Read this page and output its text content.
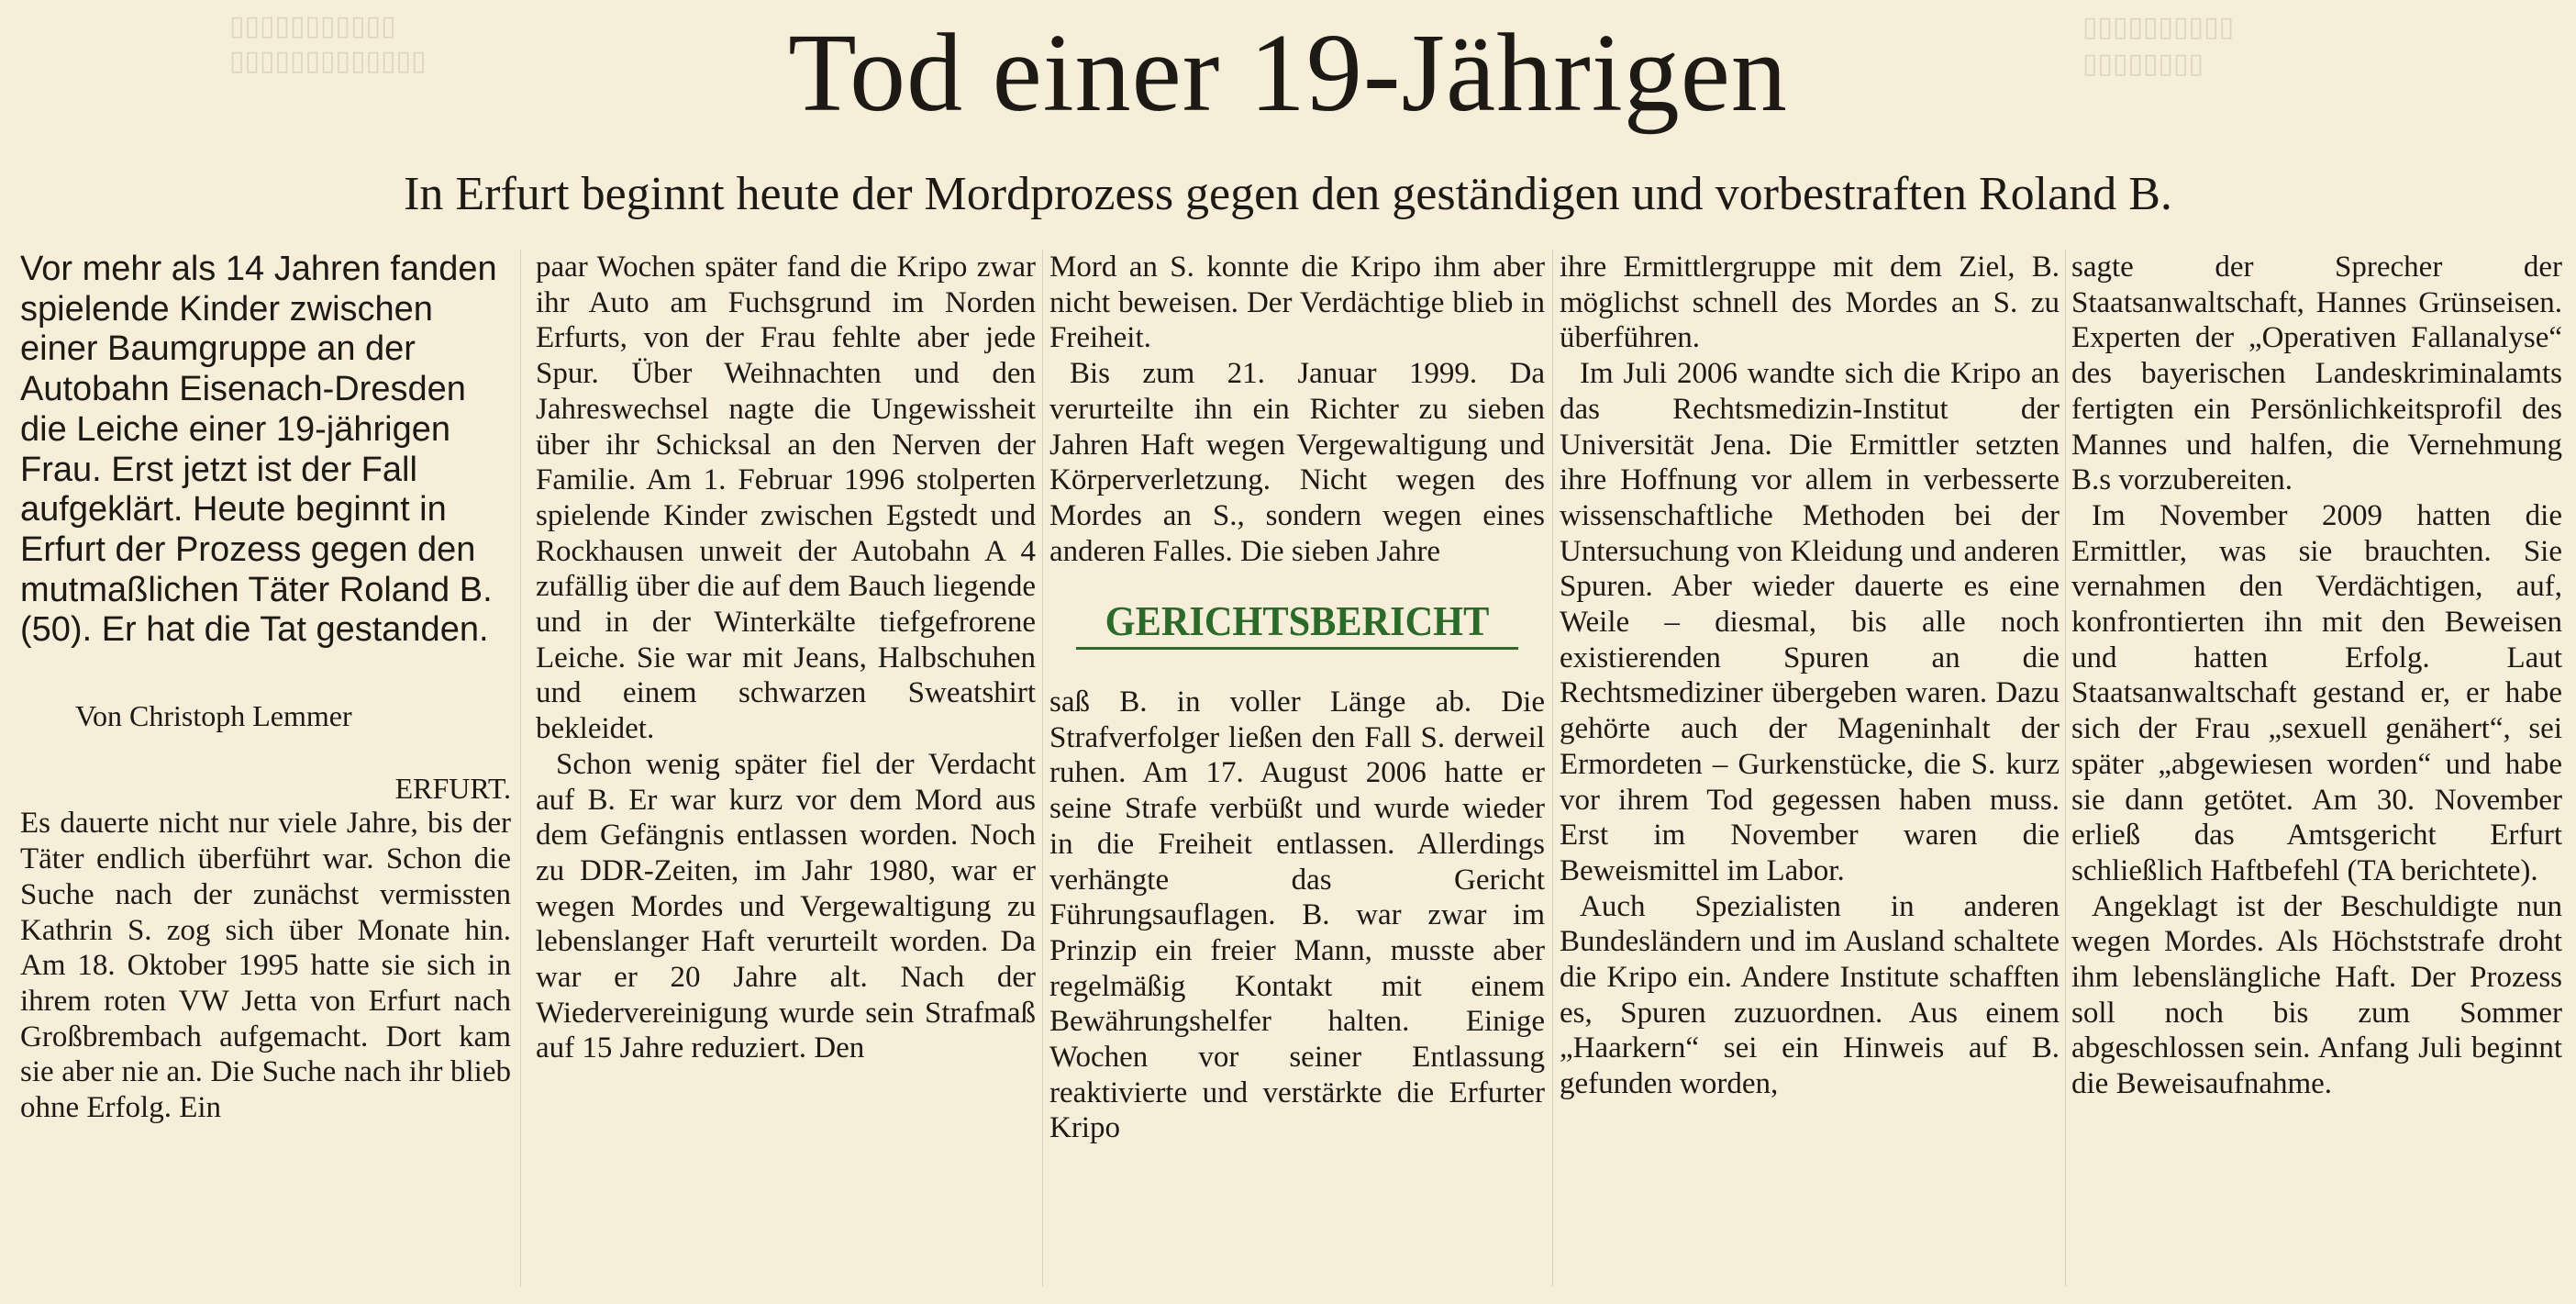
▯▯▯▯▯▯▯▯▯▯▯
▯▯▯▯▯▯▯▯▯▯▯▯▯
▯▯▯▯▯▯▯▯▯▯
▯▯▯▯▯▯▯▯
Tod einer 19-Jährigen
In Erfurt beginnt heute der Mordprozess gegen den geständigen und vorbestraften Roland B.

Vor mehr als 14 Jahren fanden spielende Kinder zwischen einer Baumgruppe an der Autobahn Eisenach-Dresden die Leiche einer 19-jährigen Frau. Erst jetzt ist der Fall aufgeklärt. Heute beginnt in Erfurt der Prozess gegen den mutmaßlichen Täter Roland B. (50). Er hat die Tat gestanden.

Von Christoph Lemmer

ERFURT.

Es dauerte nicht nur viele Jahre, bis der Täter endlich überführt war. Schon die Suche nach der zunächst vermissten Kathrin S. zog sich über Monate hin. Am 18. Oktober 1995 hatte sie sich in ihrem roten VW Jetta von Erfurt nach Großbrembach aufgemacht. Dort kam sie aber nie an. Die Suche nach ihr blieb ohne Erfolg. Ein

paar Wochen später fand die Kripo zwar ihr Auto am Fuchsgrund im Norden Erfurts, von der Frau fehlte aber jede Spur. Über Weihnachten und den Jahreswechsel nagte die Ungewissheit über ihr Schicksal an den Nerven der Familie. Am 1. Februar 1996 stolperten spielende Kinder zwischen Egstedt und Rockhausen unweit der Autobahn A 4 zufällig über die auf dem Bauch liegende und in der Winterkälte tiefgefrorene Leiche. Sie war mit Jeans, Halbschuhen und einem schwarzen Sweatshirt bekleidet.

Schon wenig später fiel der Verdacht auf B. Er war kurz vor dem Mord aus dem Gefängnis entlassen worden. Noch zu DDR-Zeiten, im Jahr 1980, war er wegen Mordes und Vergewaltigung zu lebenslanger Haft verurteilt worden. Da war er 20 Jahre alt. Nach der Wiedervereinigung wurde sein Strafmaß auf 15 Jahre reduziert. Den

Mord an S. konnte die Kripo ihm aber nicht beweisen. Der Verdächtige blieb in Freiheit.

Bis zum 21. Januar 1999. Da verurteilte ihn ein Richter zu sieben Jahren Haft wegen Vergewaltigung und Körperverletzung. Nicht wegen des Mordes an S., sondern wegen eines anderen Falles. Die sieben Jahre

GERICHTSBERICHT

saß B. in voller Länge ab. Die Strafverfolger ließen den Fall S. derweil ruhen. Am 17. August 2006 hatte er seine Strafe verbüßt und wurde wieder in die Freiheit entlassen. Allerdings verhängte das Gericht Führungsauflagen. B. war zwar im Prinzip ein freier Mann, musste aber regelmäßig Kontakt mit einem Bewährungshelfer halten. Einige Wochen vor seiner Entlassung reaktivierte und verstärkte die Erfurter Kripo

ihre Ermittlergruppe mit dem Ziel, B. möglichst schnell des Mordes an S. zu überführen.

Im Juli 2006 wandte sich die Kripo an das Rechtsmedizin-Institut der Universität Jena. Die Ermittler setzten ihre Hoffnung vor allem in verbesserte wissenschaftliche Methoden bei der Untersuchung von Kleidung und anderen Spuren. Aber wieder dauerte es eine Weile – diesmal, bis alle noch existierenden Spuren an die Rechtsmediziner übergeben waren. Dazu gehörte auch der Mageninhalt der Ermordeten – Gurkenstücke, die S. kurz vor ihrem Tod gegessen haben muss. Erst im November waren die Beweismittel im Labor.

Auch Spezialisten in anderen Bundesländern und im Ausland schaltete die Kripo ein. Andere Institute schafften es, Spuren zuzuordnen. Aus einem „Haarkern“ sei ein Hinweis auf B. gefunden worden,

sagte der Sprecher der Staatsanwaltschaft, Hannes Grünseisen. Experten der „Operativen Fallanalyse“ des bayerischen Landeskriminalamts fertigten ein Persönlichkeitsprofil des Mannes und halfen, die Vernehmung B.s vorzubereiten.

Im November 2009 hatten die Ermittler, was sie brauchten. Sie vernahmen den Verdächtigen, auf, konfrontierten ihn mit den Beweisen und hatten Erfolg. Laut Staatsanwaltschaft gestand er, er habe sich der Frau „sexuell genähert“, sei später „abgewiesen worden“ und habe sie dann getötet. Am 30. November erließ das Amtsgericht Erfurt schließlich Haftbefehl (TA berichtete).

Angeklagt ist der Beschuldigte nun wegen Mordes. Als Höchststrafe droht ihm lebenslängliche Haft. Der Prozess soll noch bis zum Sommer abgeschlossen sein. Anfang Juli beginnt die Beweisaufnahme.
